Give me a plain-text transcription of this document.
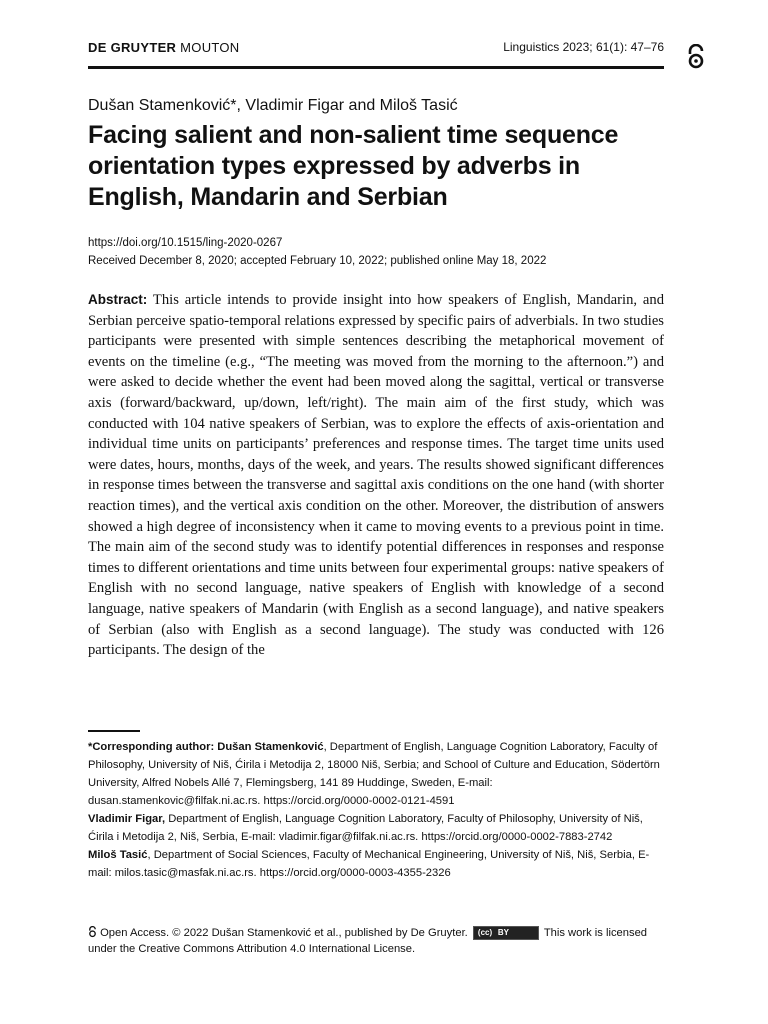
DE GRUYTER MOUTON	Linguistics 2023; 61(1): 47–76
Dušan Stamenković*, Vladimir Figar and Miloš Tasić
Facing salient and non-salient time sequence orientation types expressed by adverbs in English, Mandarin and Serbian
https://doi.org/10.1515/ling-2020-0267
Received December 8, 2020; accepted February 10, 2022; published online May 18, 2022
Abstract: This article intends to provide insight into how speakers of English, Mandarin, and Serbian perceive spatio-temporal relations expressed by specific pairs of adverbials. In two studies participants were presented with simple sentences describing the metaphorical movement of events on the timeline (e.g., “The meeting was moved from the morning to the afternoon.”) and were asked to decide whether the event had been moved along the sagittal, vertical or transverse axis (forward/backward, up/down, left/right). The main aim of the first study, which was conducted with 104 native speakers of Serbian, was to explore the effects of axis-orientation and individual time units on participants’ preferences and response times. The target time units used were dates, hours, months, days of the week, and years. The results showed significant differences in response times between the transverse and sagittal axis conditions on the one hand (with shorter reaction times), and the vertical axis condition on the other. Moreover, the distribution of answers showed a high degree of inconsistency when it came to moving events to a previous point in time. The main aim of the second study was to identify potential differences in responses and response times to different orientations and time units between four experimental groups: native speakers of English with no second language, native speakers of English with knowledge of a second language, native speakers of Mandarin (with English as a second language), and native speakers of Serbian (also with English as a second language). The study was conducted with 126 participants. The design of the

*Corresponding author: Dušan Stamenković, Department of English, Language Cognition Laboratory, Faculty of Philosophy, University of Niš, Ćirila i Metodija 2, 18000 Niš, Serbia; and School of Culture and Education, Södertörn University, Alfred Nobels Allé 7, Flemingsberg, 141 89 Huddinge, Sweden, E-mail: dusan.stamenkovic@filfak.ni.ac.rs. https://orcid.org/0000-0002-0121-4591

Vladimir Figar, Department of English, Language Cognition Laboratory, Faculty of Philosophy, University of Niš, Ćirila i Metodija 2, Niš, Serbia, E-mail: vladimir.figar@filfak.ni.ac.rs. https://orcid.org/0000-0002-7883-2742

Miloš Tasić, Department of Social Sciences, Faculty of Mechanical Engineering, University of Niš, Niš, Serbia, E-mail: milos.tasic@masfak.ni.ac.rs. https://orcid.org/0000-0003-4355-2326

Open Access. © 2022 Dušan Stamenković et al., published by De Gruyter. (cc) BY	This work is licensed under the Creative Commons Attribution 4.0 International License.
